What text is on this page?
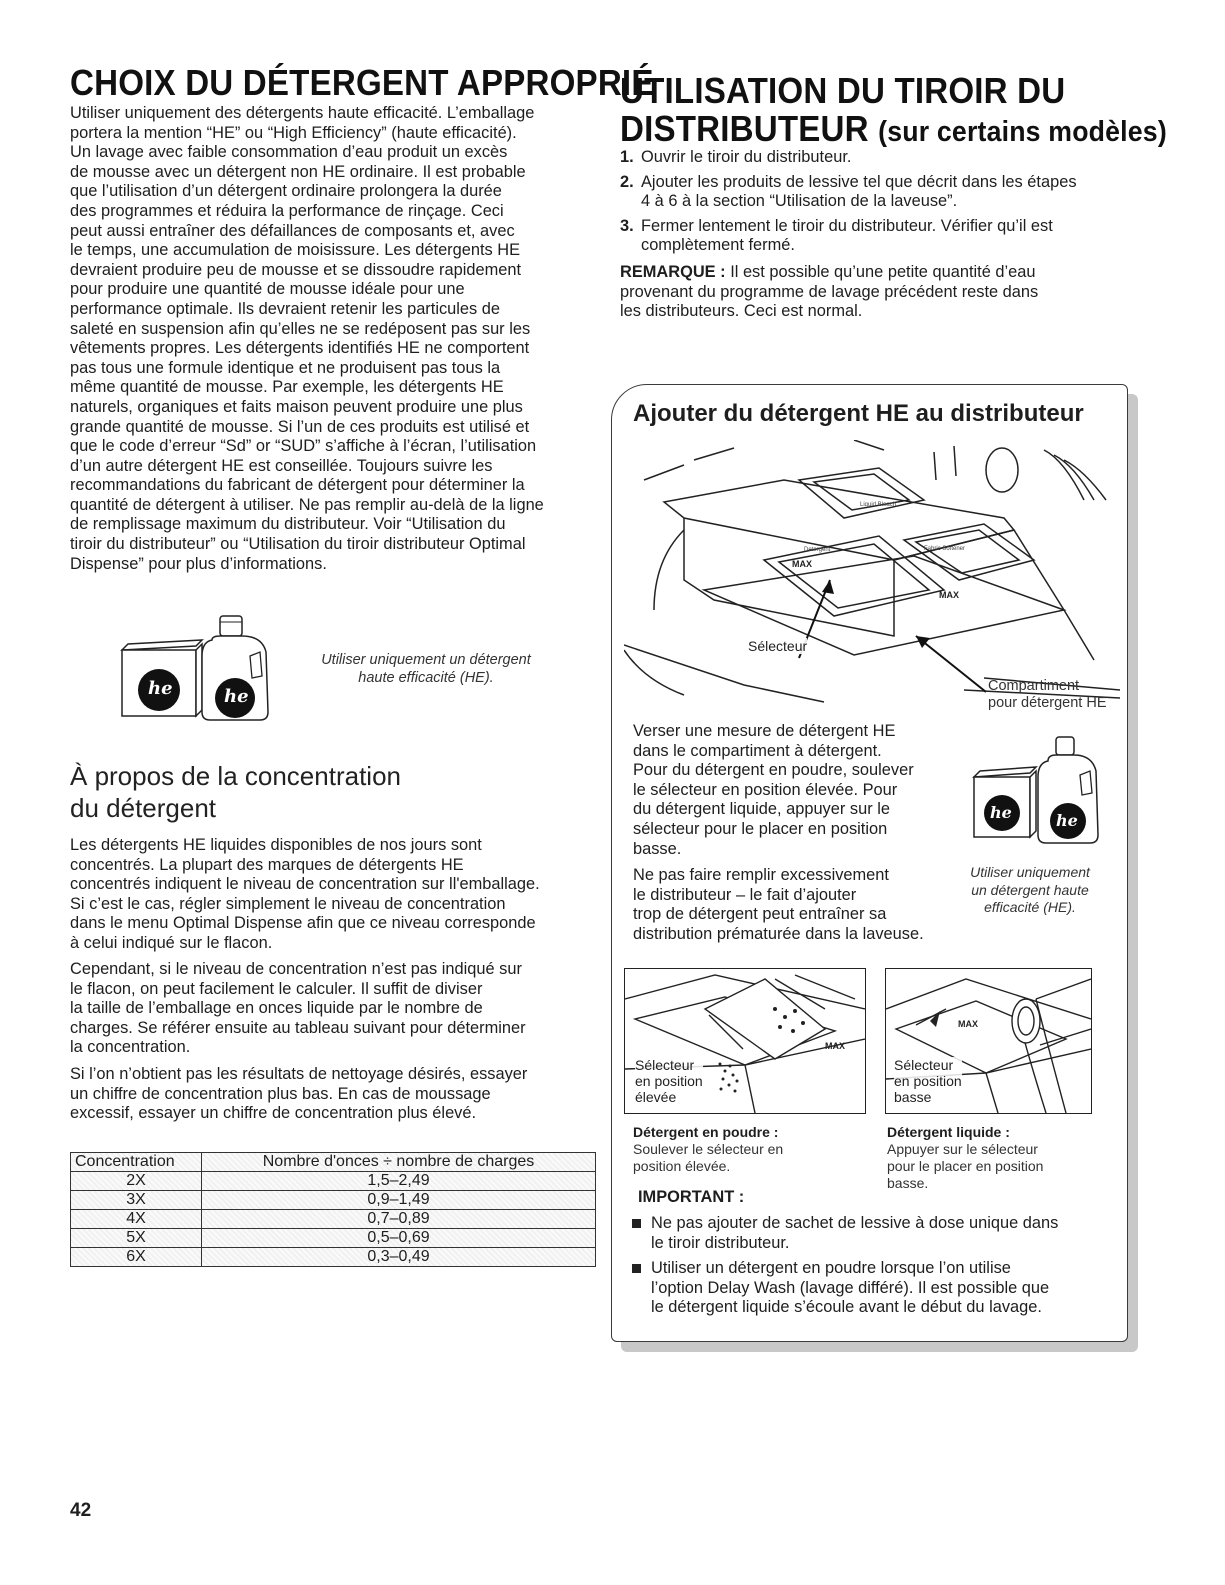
CHOIX DU DÉTERGENT APPROPRIÉ
Utiliser uniquement des détergents haute efficacité. L’emballage
portera la mention “HE” ou “High Efficiency” (haute efficacité).
Un lavage avec faible consommation d’eau produit un excès
de mousse avec un détergent non HE ordinaire. Il est probable
que l’utilisation d’un détergent ordinaire prolongera la durée
des programmes et réduira la performance de rinçage. Ceci
peut aussi entraîner des défaillances de composants et, avec
le temps, une accumulation de moisissure. Les détergents HE
devraient produire peu de mousse et se dissoudre rapidement
pour produire une quantité de mousse idéale pour une
performance optimale. Ils devraient retenir les particules de
saleté en suspension afin qu’elles ne se redéposent pas sur les
vêtements propres. Les détergents identifiés HE ne comportent
pas tous une formule identique et ne produisent pas tous la
même quantité de mousse. Par exemple, les détergents HE
naturels, organiques et faits maison peuvent produire une plus
grande quantité de mousse. Si l’un de ces produits est utilisé et
que le code d’erreur “Sd” or “SUD” s’affiche à l’écran, l’utilisation
d’un autre détergent HE est conseillée. Toujours suivre les
recommandations du fabricant de détergent pour déterminer la
quantité de détergent à utiliser. Ne pas remplir au-delà de la ligne
de remplissage maximum du distributeur. Voir “Utilisation du
tiroir du distributeur” ou “Utilisation du tiroir distributeur Optimal
Dispense” pour plus d’informations.
he	he
Utiliser uniquement un détergent
haute efficacité (HE).
À propos de la concentration
du détergent
Les détergents HE liquides disponibles de nos jours sont
concentrés. La plupart des marques de détergents HE
concentrés indiquent le niveau de concentration sur ll'emballage.
Si c’est le cas, régler simplement le niveau de concentration
dans le menu Optimal Dispense afin que ce niveau corresponde
à celui indiqué sur le flacon.
Cependant, si le niveau de concentration n’est pas indiqué sur
le flacon, on peut facilement le calculer. Il suffit de diviser
la taille de l’emballage en onces liquide par le nombre de
charges. Se référer ensuite au tableau suivant pour déterminer
la concentration.
Si l’on n’obtient pas les résultats de nettoyage désirés, essayer
un chiffre de concentration plus bas. En cas de moussage
excessif, essayer un chiffre de concentration plus élevé.
Concentration	Nombre d'onces ÷ nombre de charges
2X	1,5–2,49
3X	0,9–1,49
4X	0,7–0,89
5X	0,5–0,69
6X	0,3–0,49
UTILISATION DU TIROIR DU
DISTRIBUTEUR (sur certains modèles)
1. Ouvrir le tiroir du distributeur.
2. Ajouter les produits de lessive tel que décrit dans les étapes
4 à 6 à la section “Utilisation de la laveuse”.
3. Fermer lentement le tiroir du distributeur. Vérifier qu’il est
complètement fermé.
REMARQUE : Il est possible qu’une petite quantité d’eau
provenant du programme de lavage précédent reste dans
les distributeurs. Ceci est normal.
Ajouter du détergent HE au distributeur
MAX
MAX
Detergent	Fabric Softener
Liquid Bleach
Sélecteur
Compartiment
pour détergent HE
Verser une mesure de détergent HE
dans le compartiment à détergent.
Pour du détergent en poudre, soulever
le sélecteur en position élevée. Pour
du détergent liquide, appuyer sur le
sélecteur pour le placer en position
basse.
Ne pas faire remplir excessivement
le distributeur – le fait d’ajouter
trop de détergent peut entraîner sa
distribution prématurée dans la laveuse.
he	he
Utiliser uniquement
un détergent haute
efficacité (HE).
MAX
Sélecteur
en position
élevée
MAX
Sélecteur
en position
basse
Détergent en poudre :
Soulever le sélecteur en
position élevée.
Détergent liquide :
Appuyer sur le sélecteur
pour le placer en position
basse.
IMPORTANT :
Ne pas ajouter de sachet de lessive à dose unique dans
le tiroir distributeur.
Utiliser un détergent en poudre lorsque l’on utilise
l’option Delay Wash (lavage différé). Il est possible que
le détergent liquide s’écoule avant le début du lavage.
42
